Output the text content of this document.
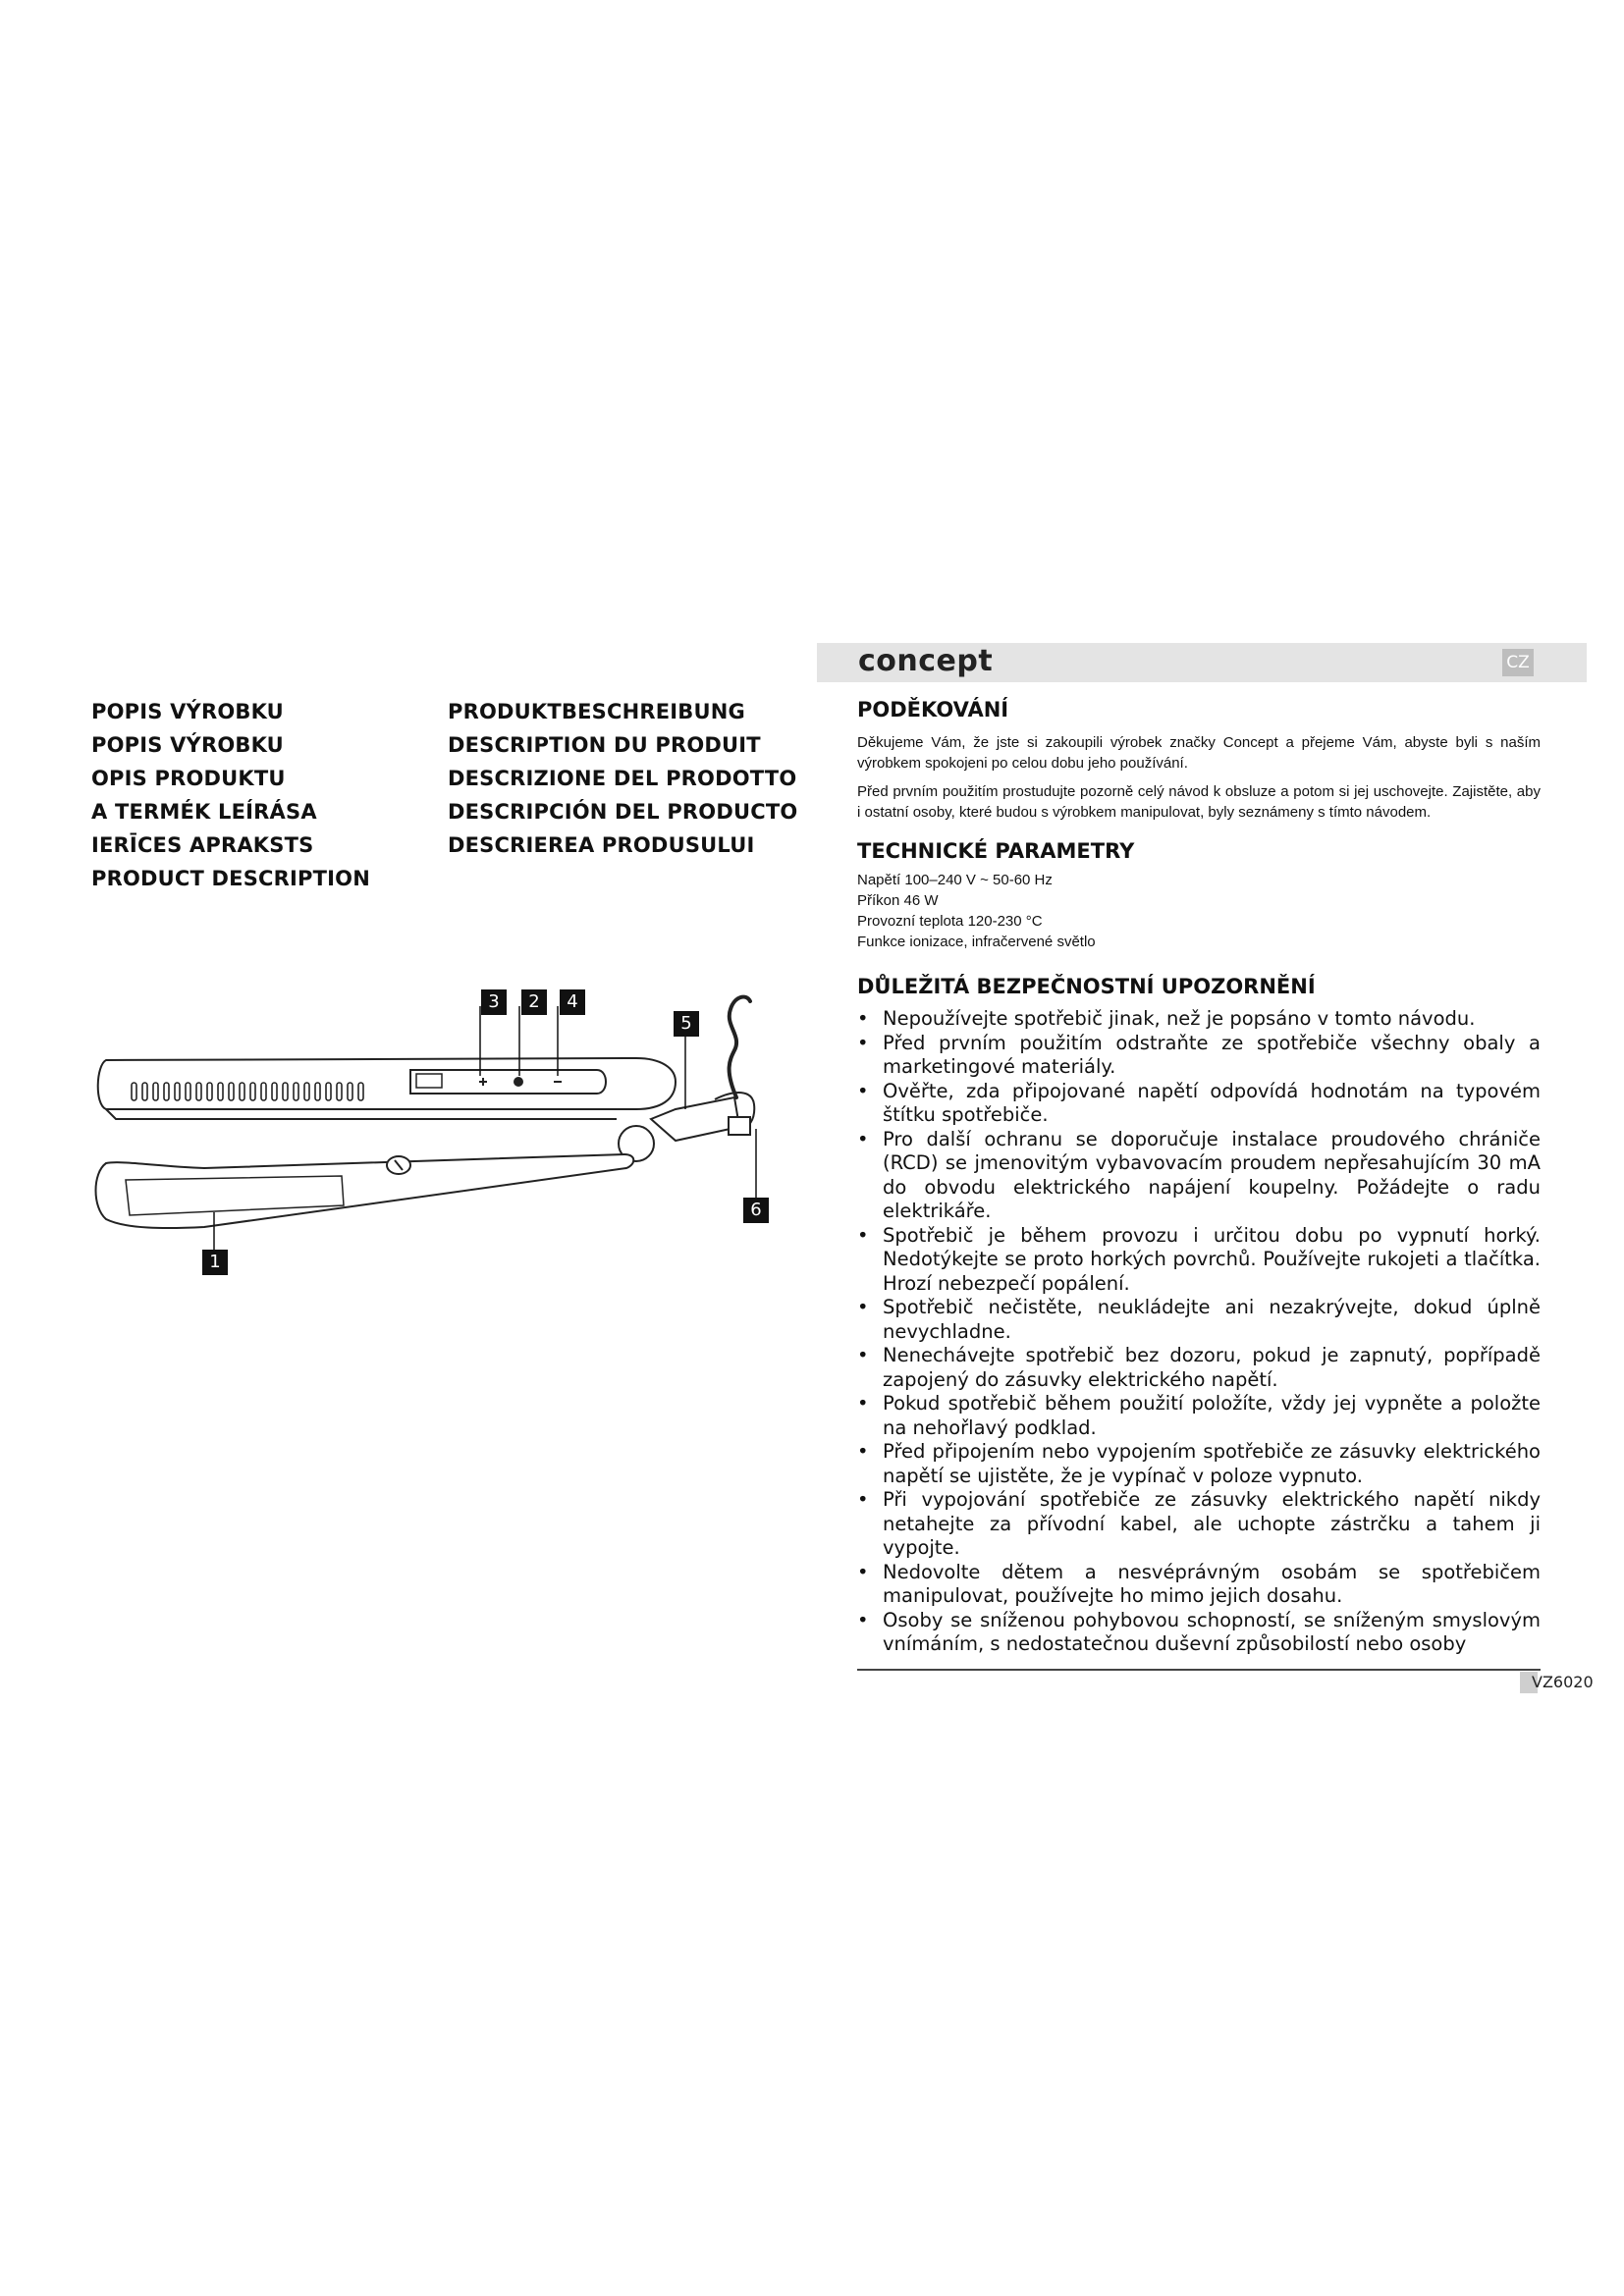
POPIS VÝROBKU
POPIS VÝROBKU
OPIS PRODUKTU
A TERMÉK LEÍRÁSA
IERĪCES APRAKSTS
PRODUCT DESCRIPTION
PRODUKTBESCHREIBUNG
DESCRIPTION DU PRODUIT
DESCRIZIONE DEL PRODOTTO
DESCRIPCIÓN DEL PRODUCTO
DESCRIEREA PRODUSULUI
3	2	4
5
6
1
concept	CZ
PODĚKOVÁNÍ

Děkujeme Vám, že jste si zakoupili výrobek značky Concept a přejeme Vám, abyste byli s naším výrobkem spokojeni po celou dobu jeho používání.

Před prvním použitím prostudujte pozorně celý návod k obsluze a potom si jej uschovejte. Zajistěte, aby i ostatní osoby, které budou s výrobkem manipulovat, byly seznámeny s tímto návodem.

TECHNICKÉ PARAMETRY
Napětí 100–240 V ~ 50-60 Hz
Příkon 46 W
Provozní teplota 120-230 °C
Funkce ionizace, infračervené světlo
DŮLEŽITÁ BEZPEČNOSTNÍ UPOZORNĚNÍ
• Nepoužívejte spotřebič jinak, než je popsáno v tomto návodu.
• Před prvním použitím odstraňte ze spotřebiče všechny obaly a marketingové materiály.
• Ověřte, zda připojované napětí odpovídá hodnotám na typovém štítku spotřebiče.
• Pro další ochranu se doporučuje instalace proudového chrániče (RCD) se jmenovitým vybavovacím proudem nepřesahujícím 30 mA do obvodu elektrického napájení koupelny. Požádejte o radu elektrikáře.
• Spotřebič je během provozu i určitou dobu po vypnutí horký. Nedotýkejte se proto horkých povrchů. Používejte rukojeti a tlačítka. Hrozí nebezpečí popálení.
• Spotřebič nečistěte, neukládejte ani nezakrývejte, dokud úplně nevychladne.
• Nenechávejte spotřebič bez dozoru, pokud je zapnutý, popřípadě zapojený do zásuvky elektrického napětí.
• Pokud spotřebič během použití položíte, vždy jej vypněte a položte na nehořlavý podklad.
• Před připojením nebo vypojením spotřebiče ze zásuvky elektrického napětí se ujistěte, že je vypínač v poloze vypnuto.
• Při vypojování spotřebiče ze zásuvky elektrického napětí nikdy netahejte za přívodní kabel, ale uchopte zástrčku a tahem ji vypojte.
• Nedovolte dětem a nesvéprávným osobám se spotřebičem manipulovat, používejte ho mimo jejich dosahu.
• Osoby se sníženou pohybovou schopností, se sníženým smyslovým vnímáním, s nedostatečnou duševní způsobilostí nebo osoby
VZ6020
